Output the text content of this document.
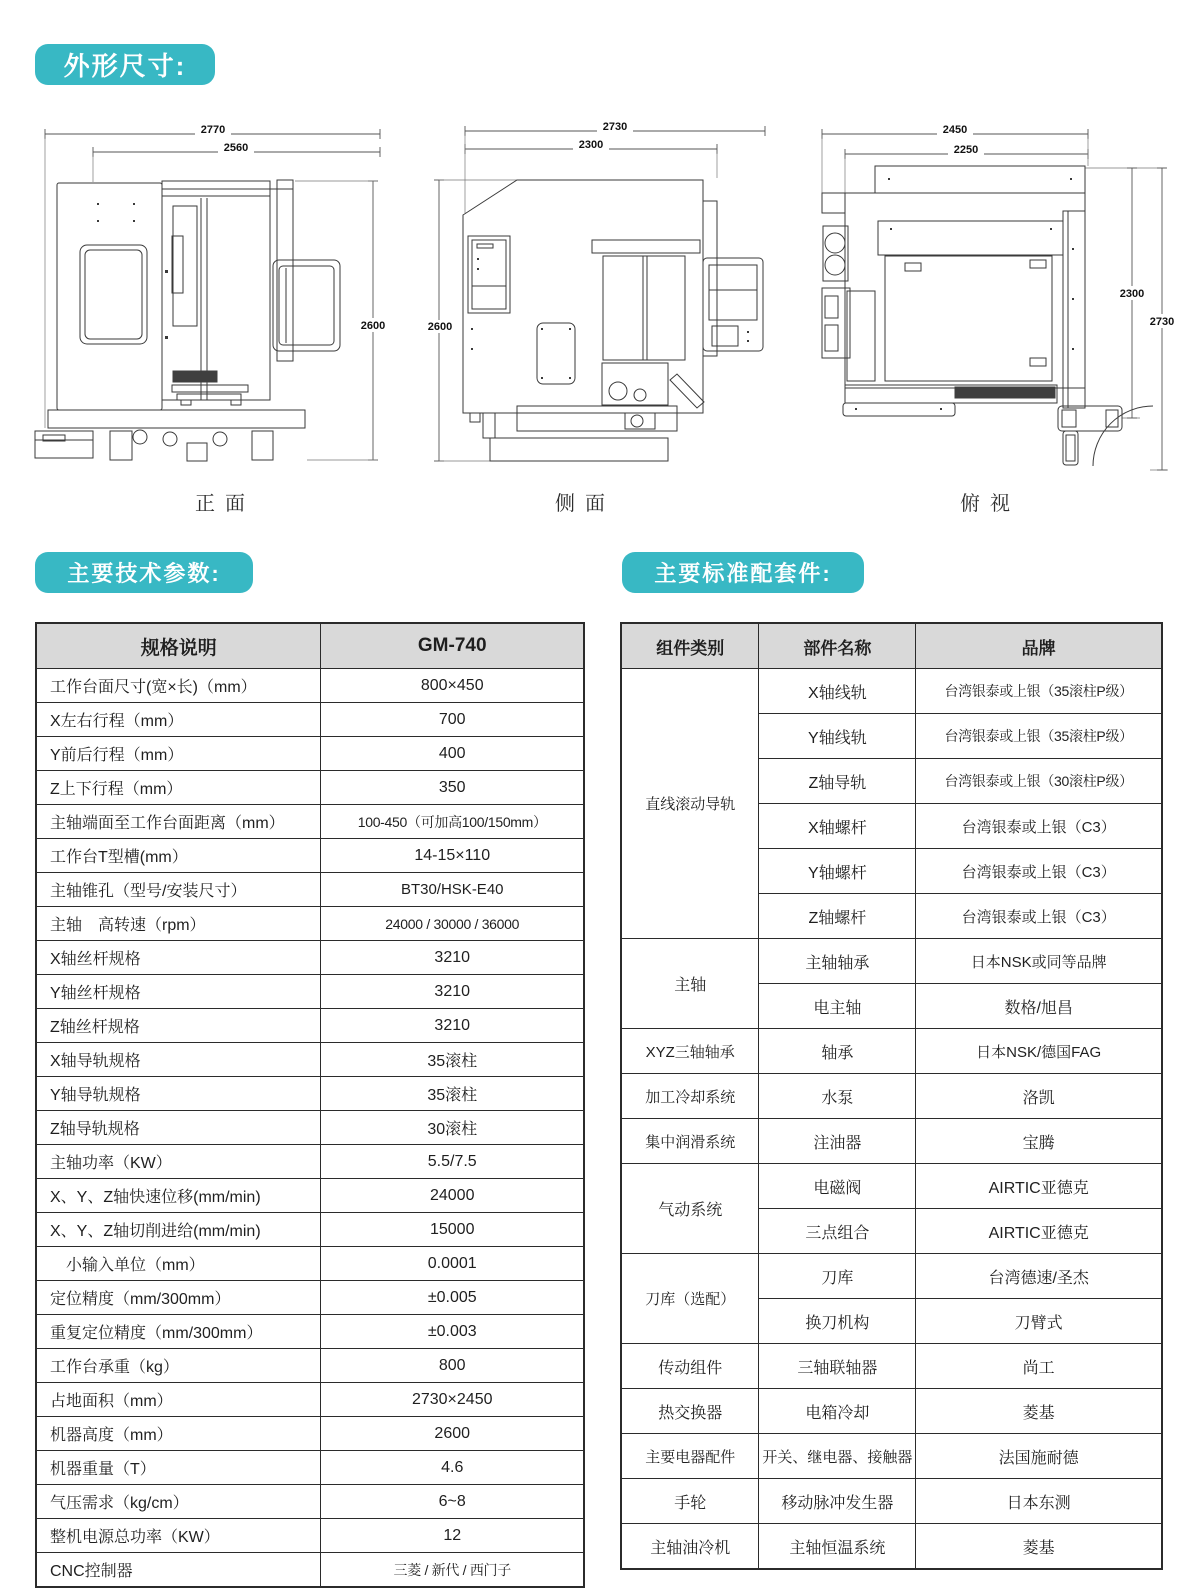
外形尺寸:
主要技术参数:	主要标准配套件:
2770
2560
2600
2730
2300
2600
2450
2250
2300
2730
正面	侧面	俯视
规格说明	GM-740
工作台面尺寸(宽×长)（mm）	800×450
X左右行程（mm）	700
Y前后行程（mm）	400
Z上下行程（mm）	350
主轴端面至工作台面距离（mm）	100-450（可加高100/150mm）
工作台T型槽(mm）	14-15×110
主轴锥孔（型号/安装尺寸）	BT30/HSK-E40
主轴　高转速（rpm）	24000 / 30000 / 36000
X轴丝杆规格	3210
Y轴丝杆规格	3210
Z轴丝杆规格	3210
X轴导轨规格	35滚柱
Y轴导轨规格	35滚柱
Z轴导轨规格	30滚柱
主轴功率（KW）	5.5/7.5
X、Y、Z轴快速位移(mm/min)	24000
X、Y、Z轴切削进给(mm/min)	15000
　小输入单位（mm）	0.0001
定位精度（mm/300mm）	±0.005
重复定位精度（mm/300mm）	±0.003
工作台承重（kg）	800
占地面积（mm）	2730×2450
机器高度（mm）	2600
机器重量（T）	4.6
气压需求（kg/cm）	6~8
整机电源总功率（KW）	12
CNC控制器	三菱 / 新代 / 西门子
组件类别	部件名称	品牌
直线滚动导轨	X轴线轨	台湾银泰或上银（35滚柱P级）
	Y轴线轨	台湾银泰或上银（35滚柱P级）
	Z轴导轨	台湾银泰或上银（30滚柱P级）
	X轴螺杆	台湾银泰或上银（C3）
	Y轴螺杆	台湾银泰或上银（C3）
	Z轴螺杆	台湾银泰或上银（C3）
主轴	主轴轴承	日本NSK或同等品牌
	电主轴	数格/旭昌
XYZ三轴轴承	轴承	日本NSK/德国FAG
加工冷却系统	水泵	洛凯
集中润滑系统	注油器	宝腾
气动系统	电磁阀	AIRTIC亚德克
	三点组合	AIRTIC亚德克
刀库（选配）	刀库	台湾德速/圣杰
	换刀机构	刀臂式
传动组件	三轴联轴器	尚工
热交换器	电箱冷却	菱基
主要电器配件	开关、继电器、接触器	法国施耐德
手轮	移动脉冲发生器	日本东测
主轴油冷机	主轴恒温系统	菱基
